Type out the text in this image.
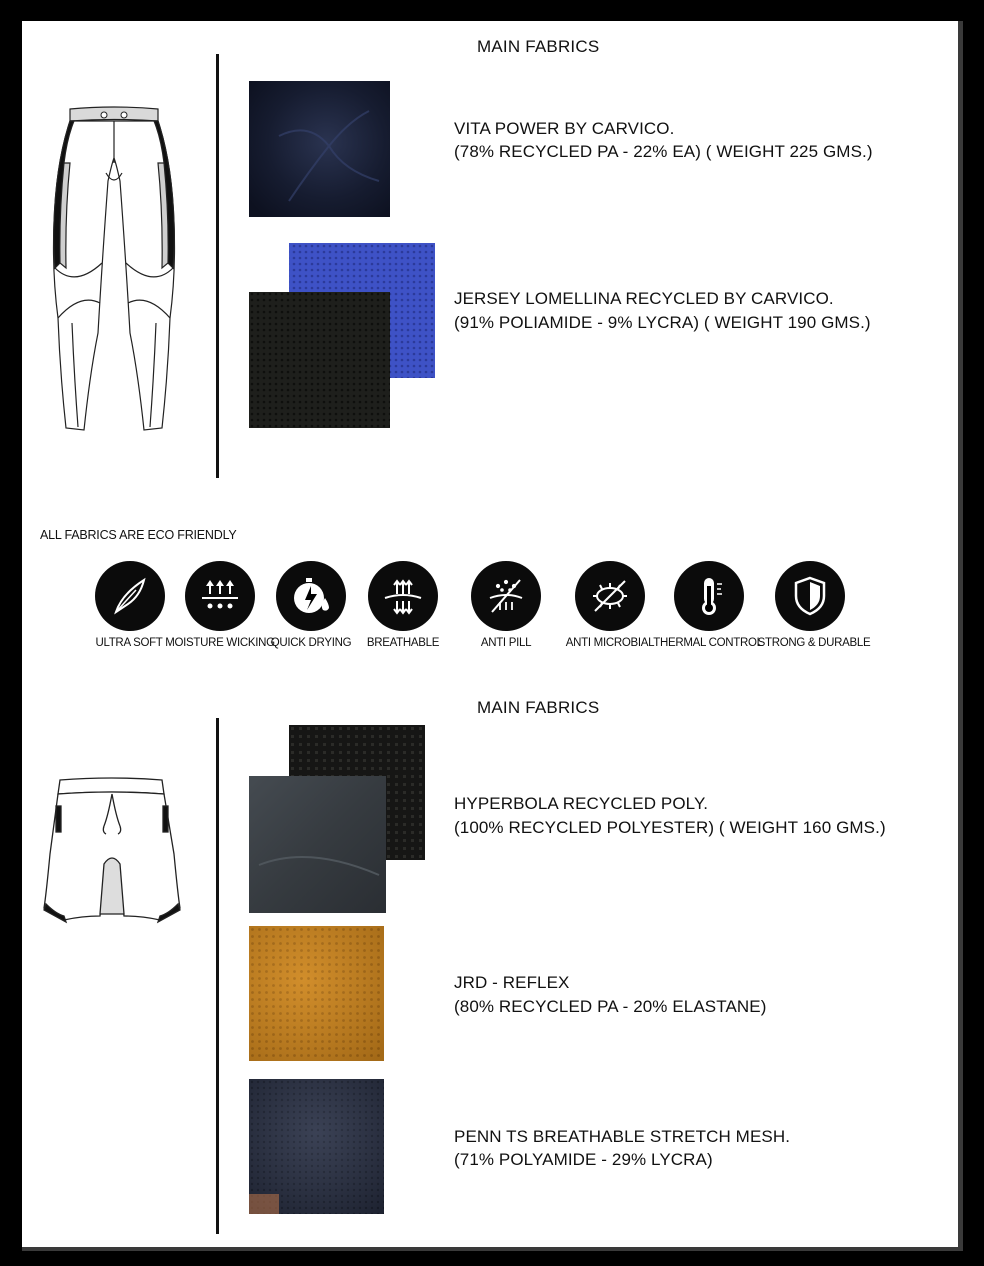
MAIN FABRICS
VITA POWER BY CARVICO.
(78% RECYCLED PA - 22% EA) ( WEIGHT 225 GMS.)
JERSEY LOMELLINA RECYCLED BY CARVICO.
(91% POLIAMIDE - 9% LYCRA) ( WEIGHT 190 GMS.)
ALL FABRICS ARE ECO FRIENDLY
ULTRA SOFT MOISTURE WICKING
QUICK DRYING BREATHABLE	ANTI PILL	ANTI MICROBIAL THERMAL CONTROL
STRONG & DURABLE
MAIN FABRICS
HYPERBOLA RECYCLED POLY.
(100% RECYCLED POLYESTER) ( WEIGHT 160 GMS.)
JRD - REFLEX
(80% RECYCLED PA - 20% ELASTANE)
PENN TS BREATHABLE STRETCH MESH.
(71% POLYAMIDE - 29% LYCRA)
